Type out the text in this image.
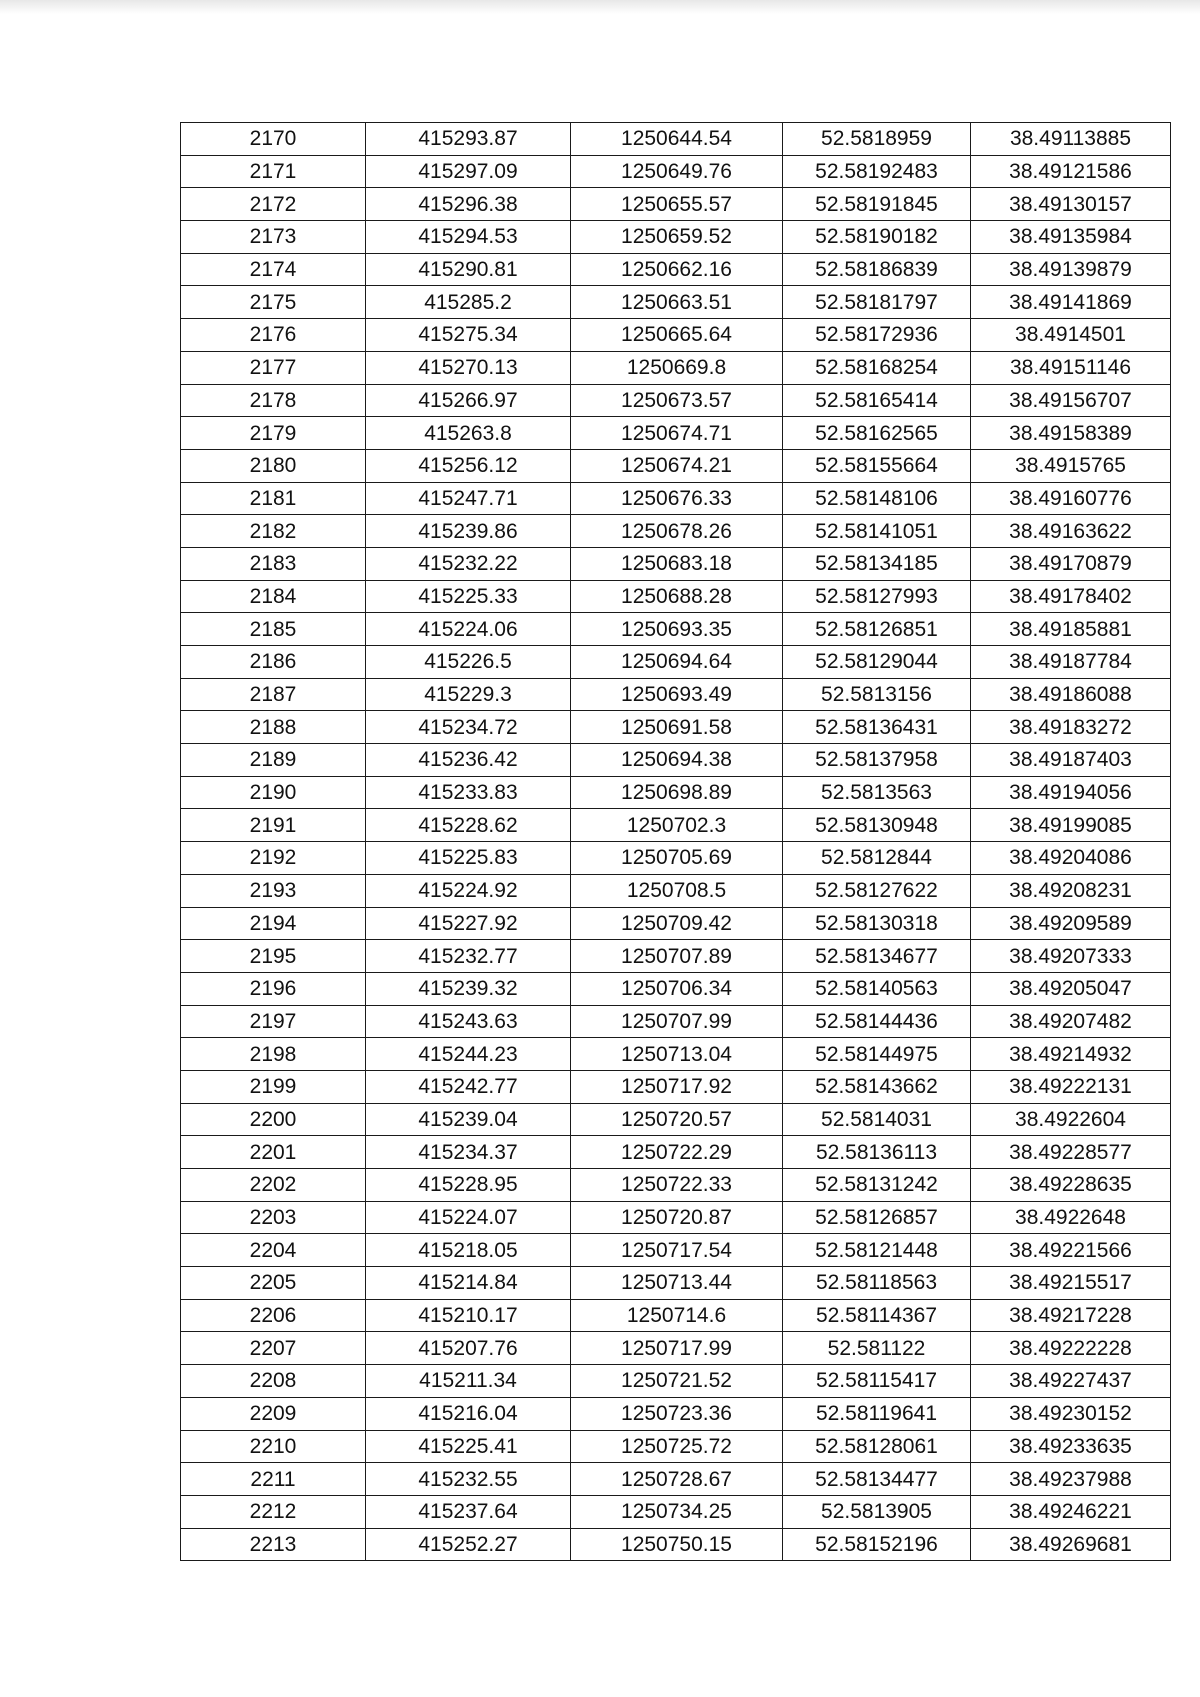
2170	415293.87	1250644.54	52.5818959	38.49113885
2171	415297.09	1250649.76	52.58192483	38.49121586
2172	415296.38	1250655.57	52.58191845	38.49130157
2173	415294.53	1250659.52	52.58190182	38.49135984
2174	415290.81	1250662.16	52.58186839	38.49139879
2175	415285.2	1250663.51	52.58181797	38.49141869
2176	415275.34	1250665.64	52.58172936	38.4914501
2177	415270.13	1250669.8	52.58168254	38.49151146
2178	415266.97	1250673.57	52.58165414	38.49156707
2179	415263.8	1250674.71	52.58162565	38.49158389
2180	415256.12	1250674.21	52.58155664	38.4915765
2181	415247.71	1250676.33	52.58148106	38.49160776
2182	415239.86	1250678.26	52.58141051	38.49163622
2183	415232.22	1250683.18	52.58134185	38.49170879
2184	415225.33	1250688.28	52.58127993	38.49178402
2185	415224.06	1250693.35	52.58126851	38.49185881
2186	415226.5	1250694.64	52.58129044	38.49187784
2187	415229.3	1250693.49	52.5813156	38.49186088
2188	415234.72	1250691.58	52.58136431	38.49183272
2189	415236.42	1250694.38	52.58137958	38.49187403
2190	415233.83	1250698.89	52.5813563	38.49194056
2191	415228.62	1250702.3	52.58130948	38.49199085
2192	415225.83	1250705.69	52.5812844	38.49204086
2193	415224.92	1250708.5	52.58127622	38.49208231
2194	415227.92	1250709.42	52.58130318	38.49209589
2195	415232.77	1250707.89	52.58134677	38.49207333
2196	415239.32	1250706.34	52.58140563	38.49205047
2197	415243.63	1250707.99	52.58144436	38.49207482
2198	415244.23	1250713.04	52.58144975	38.49214932
2199	415242.77	1250717.92	52.58143662	38.49222131
2200	415239.04	1250720.57	52.5814031	38.4922604
2201	415234.37	1250722.29	52.58136113	38.49228577
2202	415228.95	1250722.33	52.58131242	38.49228635
2203	415224.07	1250720.87	52.58126857	38.4922648
2204	415218.05	1250717.54	52.58121448	38.49221566
2205	415214.84	1250713.44	52.58118563	38.49215517
2206	415210.17	1250714.6	52.58114367	38.49217228
2207	415207.76	1250717.99	52.581122	38.49222228
2208	415211.34	1250721.52	52.58115417	38.49227437
2209	415216.04	1250723.36	52.58119641	38.49230152
2210	415225.41	1250725.72	52.58128061	38.49233635
2211	415232.55	1250728.67	52.58134477	38.49237988
2212	415237.64	1250734.25	52.5813905	38.49246221
2213	415252.27	1250750.15	52.58152196	38.49269681
